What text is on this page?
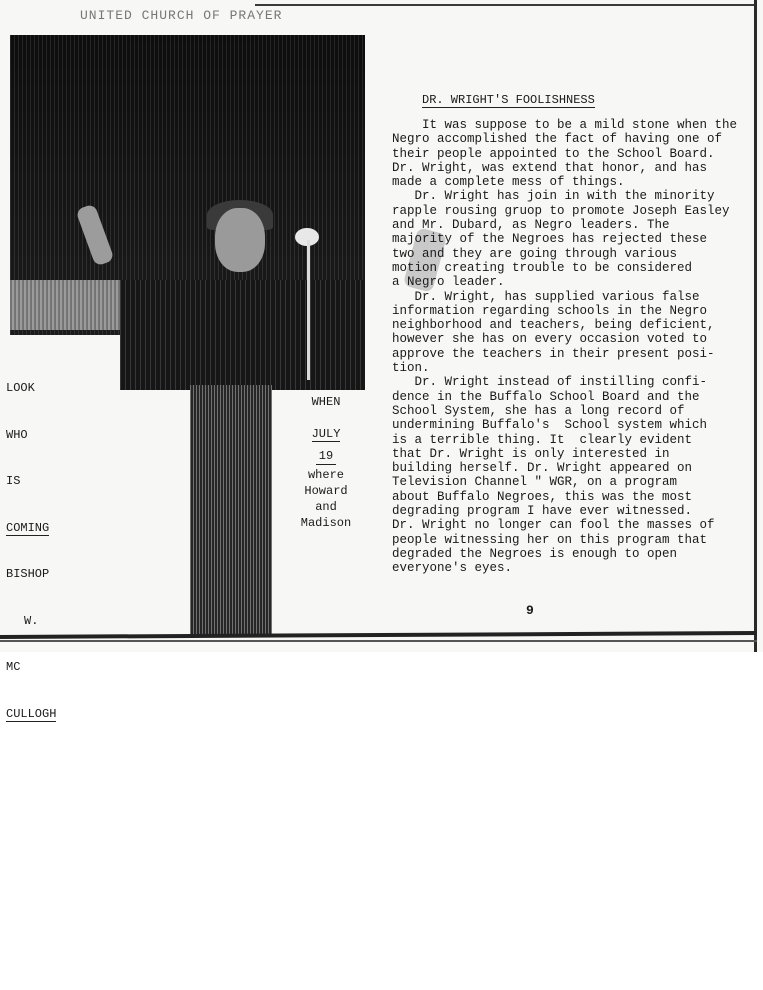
UNITED CHURCH OF PRAYER

LOOK

WHO

IS

COMING

BISHOP

W.

MC

CULLOGH

WHEN
JULY
19
where
Howard
and
Madison
DR. WRIGHT'S FOOLISHNESS
It was suppose to be a mild stone when the
Negro accomplished the fact of having one of
their people appointed to the School Board.
Dr. Wright, was extend that honor, and has
made a complete mess of things.
Dr. Wright has join in with the minority
rapple rousing gruop to promote Joseph Easley
and Mr. Dubard, as Negro leaders. The
majority of the Negroes has rejected these
two and they are going through various
motion creating trouble to be considered
a Negro leader.
Dr. Wright, has supplied various false
information regarding schools in the Negro
neighborhood and teachers, being deficient,
however she has on every occasion voted to
approve the teachers in their present posi-
tion.
Dr. Wright instead of instilling confi-
dence in the Buffalo School Board and the
School System, she has a long record of
undermining Buffalo's  School system which
is a terrible thing. It  clearly evident
that Dr. Wright is only interested in
building herself. Dr. Wright appeared on
Television Channel " WGR, on a program
about Buffalo Negroes, this was the most
degrading program I have ever witnessed.
Dr. Wright no longer can fool the masses of
people witnessing her on this program that
degraded the Negroes is enough to open
everyone's eyes.
9
